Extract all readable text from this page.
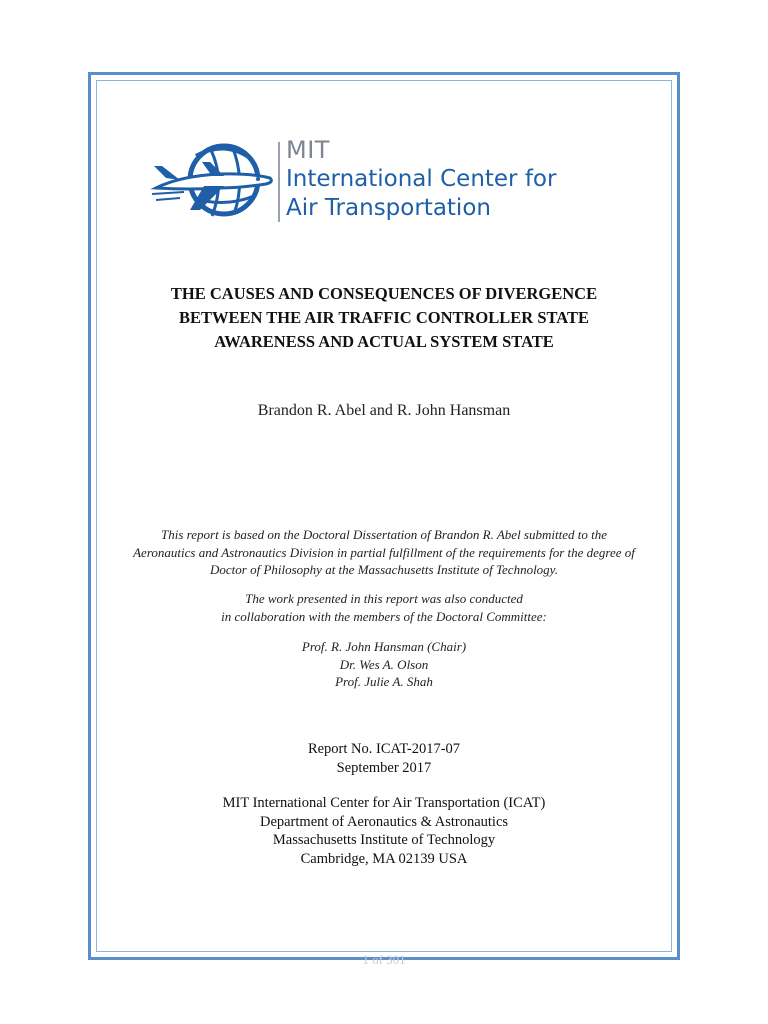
MIT
International Center for
Air Transportation
THE CAUSES AND CONSEQUENCES OF DIVERGENCE
BETWEEN THE AIR TRAFFIC CONTROLLER STATE
AWARENESS AND ACTUAL SYSTEM STATE
Brandon R. Abel and R. John Hansman
This report is based on the Doctoral Dissertation of Brandon R. Abel submitted to the
Aeronautics and Astronautics Division in partial fulfillment of the requirements for the degree of
Doctor of Philosophy at the Massachusetts Institute of Technology.
The work presented in this report was also conducted
in collaboration with the members of the Doctoral Committee:
Prof. R. John Hansman (Chair)
Dr. Wes A. Olson
Prof. Julie A. Shah
Report No. ICAT-2017-07
September 2017
MIT International Center for Air Transportation (ICAT)
Department of Aeronautics & Astronautics
Massachusetts Institute of Technology
Cambridge, MA 02139 USA
1 of 301
